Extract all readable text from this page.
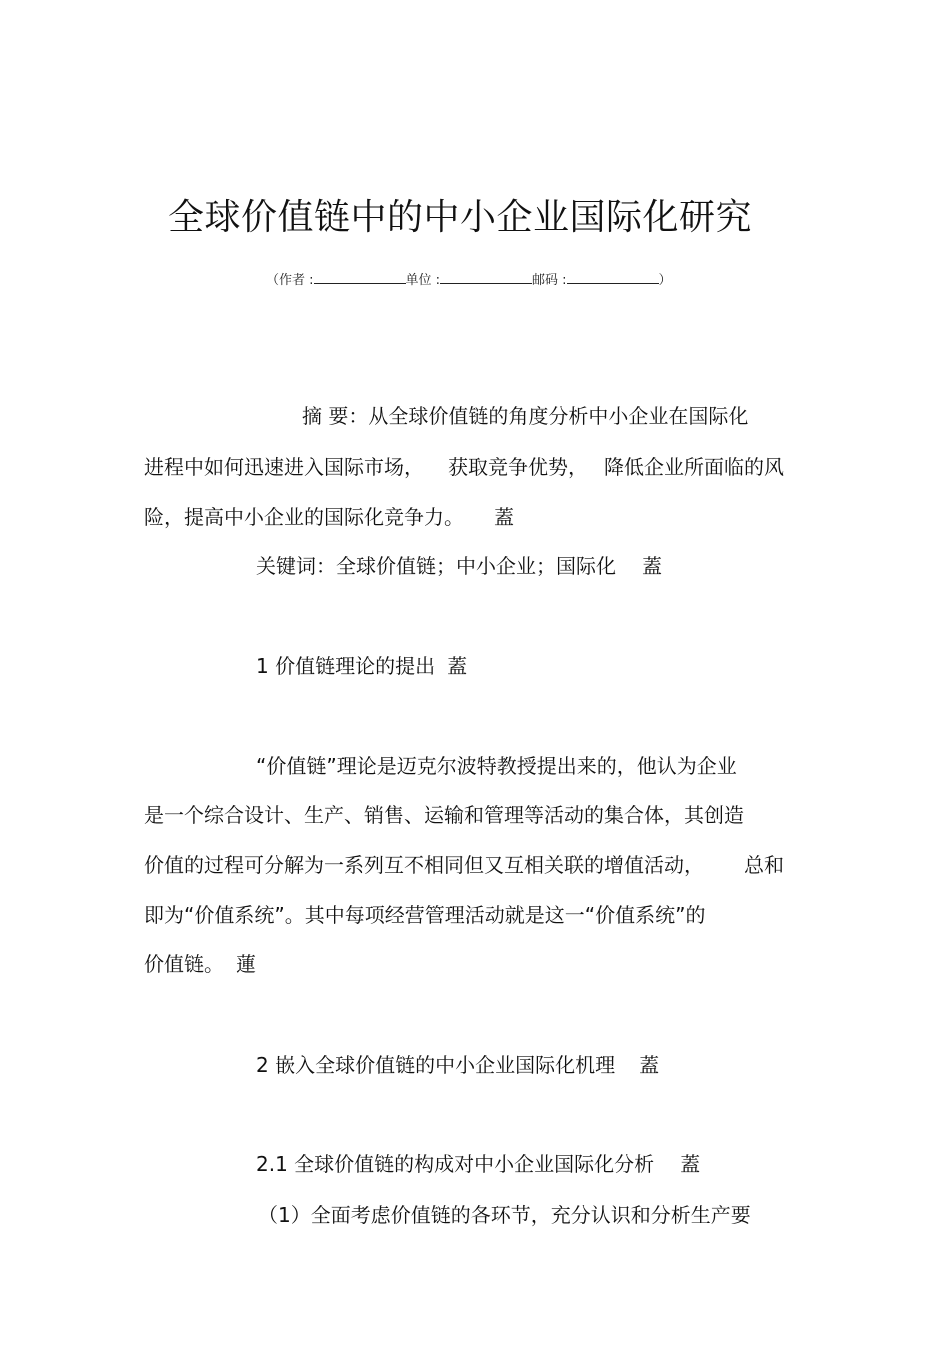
全球价值链中的中小企业国际化研究
（作者 :	单位 :	邮码 :	）
摘 要：从全球价值链的角度分析中小企业在国际化
进程中如何迅速进入国际市场， 获取竞争优势， 降低企业所面临的风
险，提高中小企业的国际化竞争力。 蓋
关键词：全球价值链；中小企业；国际化 蓋
1 价值链理论的提出 蓋
“价值链”理论是迈克尔波特教授提出来的，他认为企业
是一个综合设计、生产、销售、运输和管理等活动的集合体，其创造
价值的过程可分解为一系列互不相同但又互相关联的增值活动， 总和
即为“价值系统”。其中每项经营管理活动就是这一“价值系统”的
价值链。 蓮
2 嵌入全球价值链的中小企业国际化机理 蓋
2.1 全球价值链的构成对中小企业国际化分析 蓋
（1）全面考虑价值链的各环节，充分认识和分析生产要
